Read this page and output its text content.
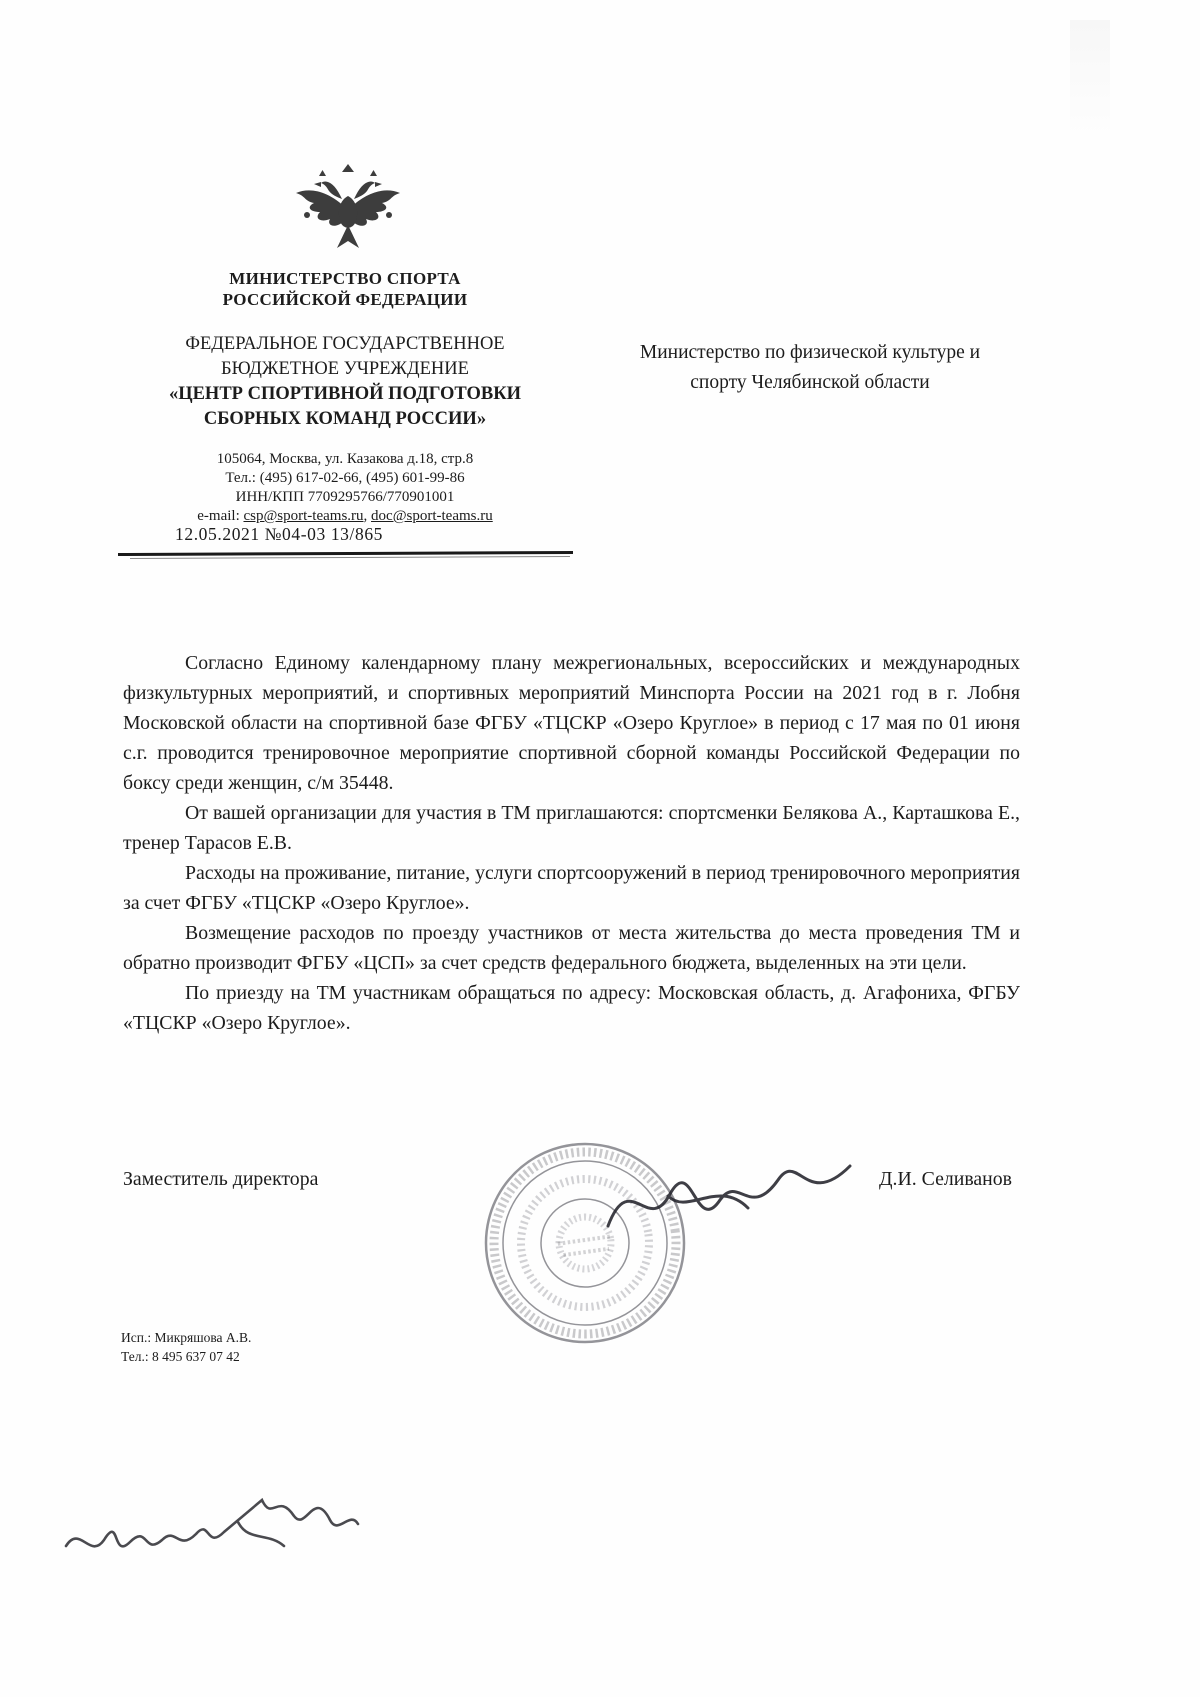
МИНИСТЕРСТВО СПОРТА
РОССИЙСКОЙ ФЕДЕРАЦИИ
ФЕДЕРАЛЬНОЕ ГОСУДАРСТВЕННОЕ
БЮДЖЕТНОЕ УЧРЕЖДЕНИЕ
«ЦЕНТР СПОРТИВНОЙ ПОДГОТОВКИ
СБОРНЫХ КОМАНД РОССИИ»
105064, Москва, ул. Казакова д.18, стр.8
Тел.: (495) 617-02-66, (495) 601-99-86
ИНН/КПП 7709295766/770901001
e-mail: csp@sport-teams.ru, doc@sport-teams.ru
12.05.2021 №04-03 13/865
Министерство по физической культуре и
спорту Челябинской области

Согласно Единому календарному плану межрегиональных, всероссийских и международных физкультурных мероприятий, и спортивных мероприятий Минспорта России на 2021 год в г. Лобня Московской области на спортивной базе ФГБУ «ТЦСКР «Озеро Круглое» в период с 17 мая по 01 июня с.г. проводится тренировочное мероприятие спортивной сборной команды Российской Федерации по боксу среди женщин, с/м 35448.

От вашей организации для участия в ТМ приглашаются: спортсменки Белякова А., Карташкова Е., тренер Тарасов Е.В.

Расходы на проживание, питание, услуги спортсооружений в период тренировочного мероприятия за счет ФГБУ «ТЦСКР «Озеро Круглое».

Возмещение расходов по проезду участников от места жительства до места проведения ТМ и обратно производит ФГБУ «ЦСП» за счет средств федерального бюджета, выделенных на эти цели.

По приезду на ТМ участникам обращаться по адресу: Московская область, д. Агафониха, ФГБУ «ТЦСКР «Озеро Круглое».

Заместитель директора	Д.И. Селиванов
Исп.: Микряшова А.В.
Тел.: 8 495 637 07 42
